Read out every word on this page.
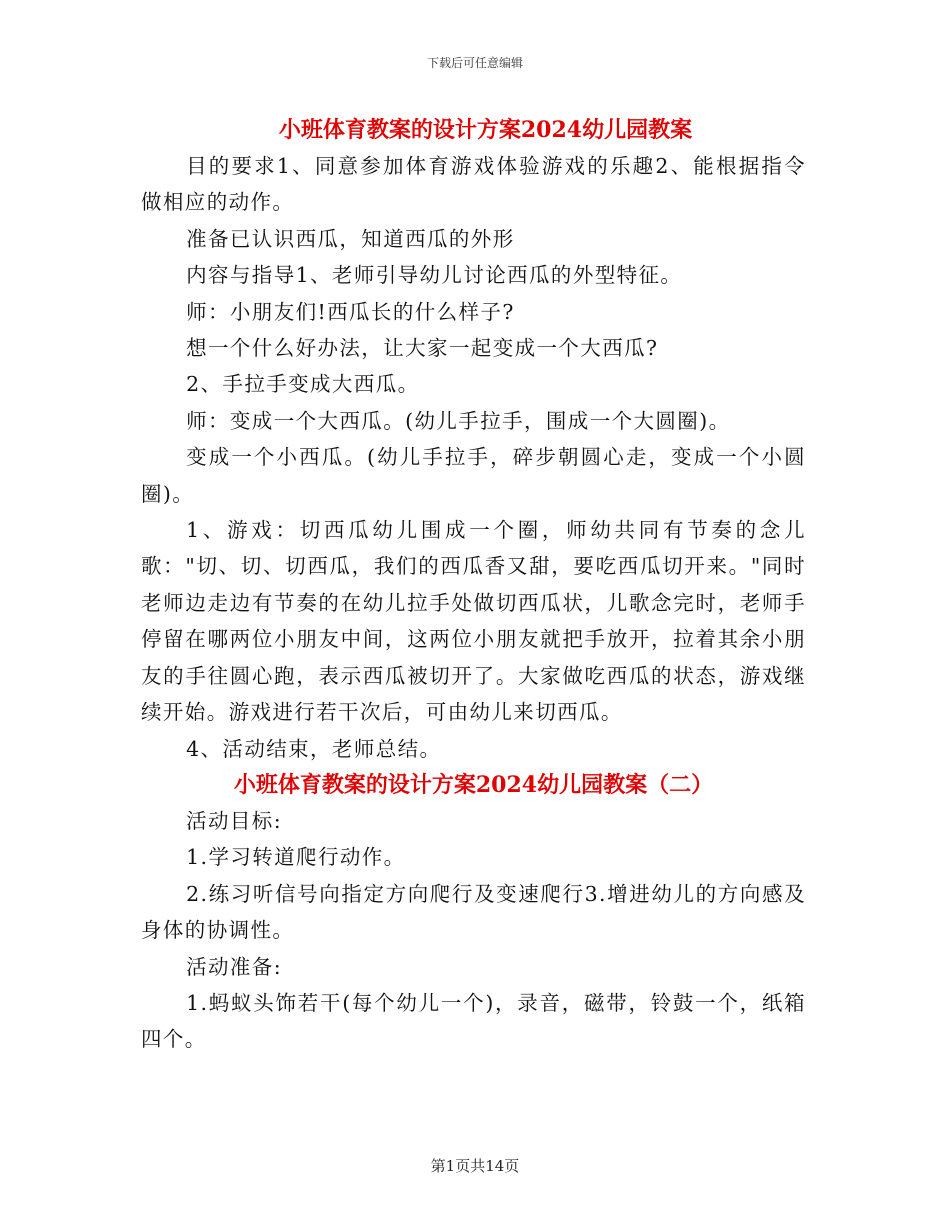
下载后可任意编辑
小班体育教案的设计方案2024幼儿园教案

目的要求1、同意参加体育游戏体验游戏的乐趣2、能根据指令做相应的动作。

准备已认识西瓜，知道西瓜的外形

内容与指导1、老师引导幼儿讨论西瓜的外型特征。

师：小朋友们!西瓜长的什么样子?

想一个什么好办法，让大家一起变成一个大西瓜?

2、手拉手变成大西瓜。

师：变成一个大西瓜。(幼儿手拉手，围成一个大圆圈)。

变成一个小西瓜。(幼儿手拉手，碎步朝圆心走，变成一个小圆圈)。

1、游戏：切西瓜幼儿围成一个圈，师幼共同有节奏的念儿歌："切、切、切西瓜，我们的西瓜香又甜，要吃西瓜切开来。"同时老师边走边有节奏的在幼儿拉手处做切西瓜状，儿歌念完时，老师手停留在哪两位小朋友中间，这两位小朋友就把手放开，拉着其余小朋友的手往圆心跑，表示西瓜被切开了。大家做吃西瓜的状态，游戏继续开始。游戏进行若干次后，可由幼儿来切西瓜。

4、活动结束，老师总结。

小班体育教案的设计方案2024幼儿园教案（二）

活动目标:

1.学习转道爬行动作。

2.练习听信号向指定方向爬行及变速爬行3.增进幼儿的方向感及身体的协调性。

活动准备:

1.蚂蚁头饰若干(每个幼儿一个)，录音，磁带，铃鼓一个，纸箱四个。

第1页共14页
